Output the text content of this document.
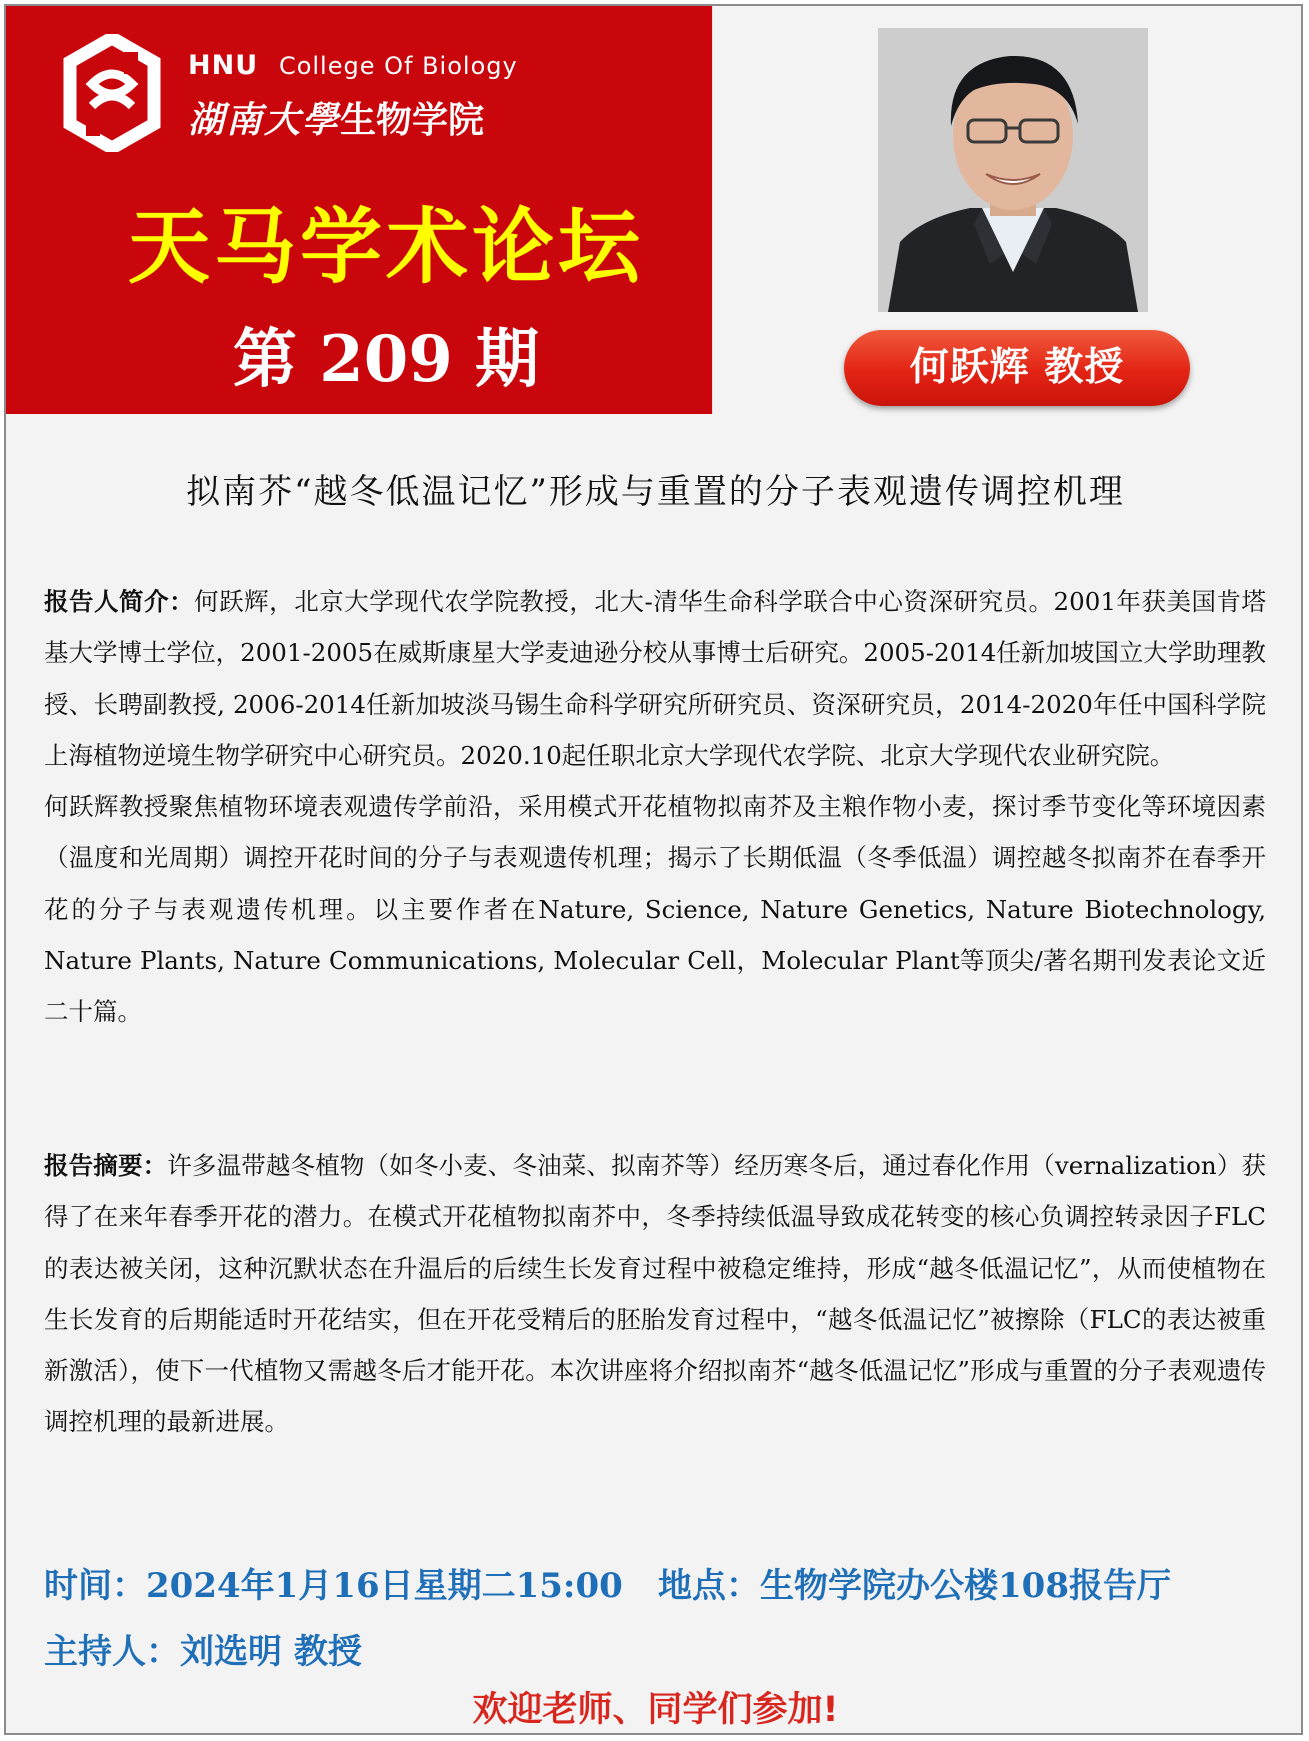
HNU College Of Biology
湖南大學生物学院
天马学术论坛
第 209 期	何跃辉 教授
拟南芥“越冬低温记忆”形成与重置的分子表观遗传调控机理

报告人简介：何跃辉，北京大学现代农学院教授，北大-清华生命科学联合中心资深研究员。2001年获美国肯塔基大学博士学位，2001-2005在威斯康星大学麦迪逊分校从事博士后研究。2005-2014任新加坡国立大学助理教授、长聘副教授, 2006-2014任新加坡淡马锡生命科学研究所研究员、资深研究员，2014-2020年任中国科学院上海植物逆境生物学研究中心研究员。2020.10起任职北京大学现代农学院、北京大学现代农业研究院。

何跃辉教授聚焦植物环境表观遗传学前沿，采用模式开花植物拟南芥及主粮作物小麦，探讨季节变化等环境因素（温度和光周期）调控开花时间的分子与表观遗传机理；揭示了长期低温（冬季低温）调控越冬拟南芥在春季开花的分子与表观遗传机理。以主要作者在Nature, Science, Nature Genetics, Nature Biotechnology, Nature Plants, Nature Communications, Molecular Cell，Molecular Plant等顶尖/著名期刊发表论文近二十篇。

报告摘要：许多温带越冬植物（如冬小麦、冬油菜、拟南芥等）经历寒冬后，通过春化作用（vernalization）获得了在来年春季开花的潜力。在模式开花植物拟南芥中，冬季持续低温导致成花转变的核心负调控转录因子FLC的表达被关闭，这种沉默状态在升温后的后续生长发育过程中被稳定维持，形成“越冬低温记忆”，从而使植物在生长发育的后期能适时开花结实，但在开花受精后的胚胎发育过程中，“越冬低温记忆”被擦除（FLC的表达被重新激活），使下一代植物又需越冬后才能开花。本次讲座将介绍拟南芥“越冬低温记忆”形成与重置的分子表观遗传调控机理的最新进展。

时间：2024年1月16日星期二15:00 地点：生物学院办公楼108报告厅
主持人：刘选明 教授
欢迎老师、同学们参加!
